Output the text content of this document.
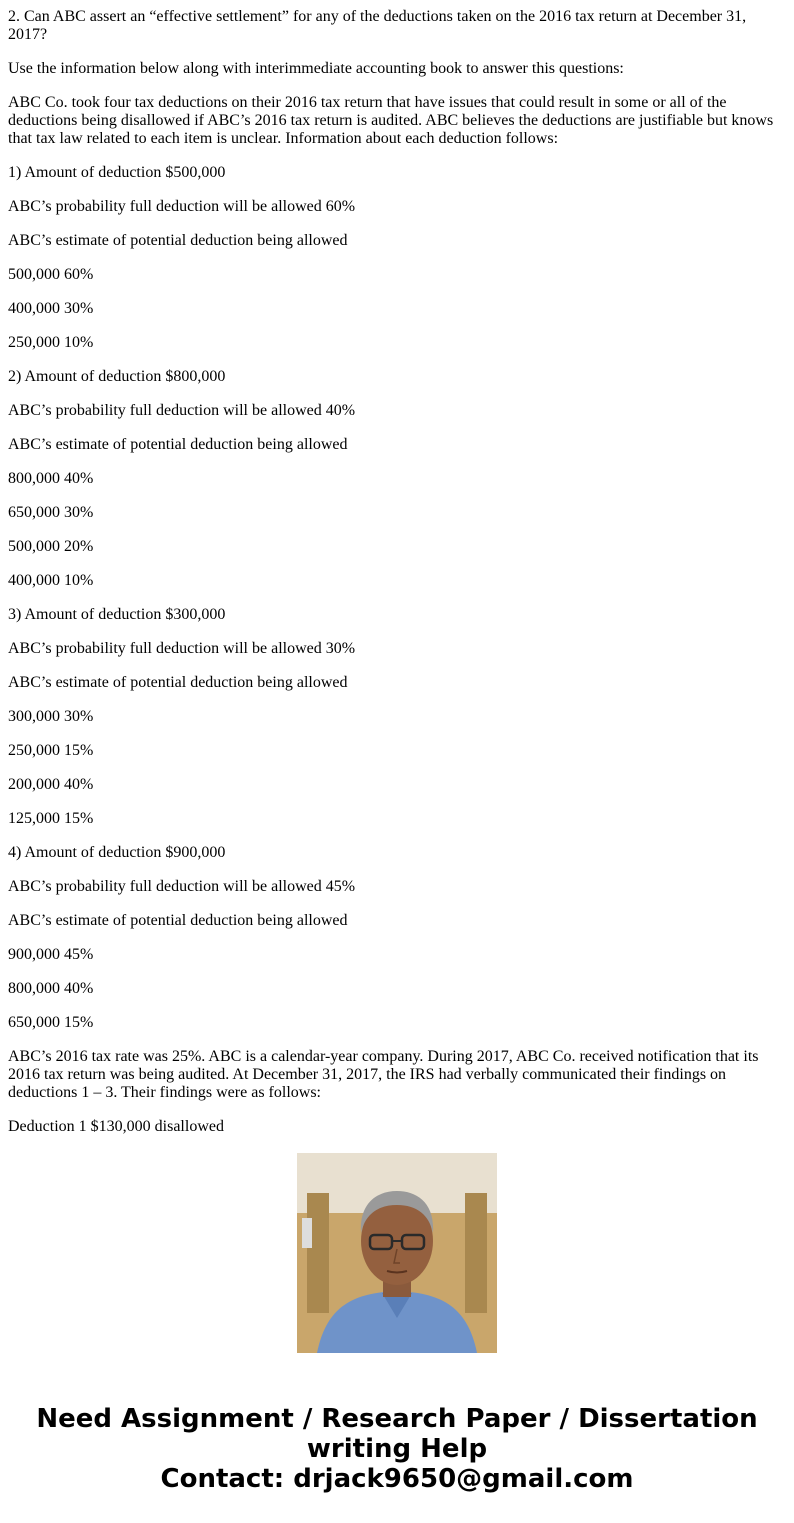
2. Can ABC assert an “effective settlement” for any of the deductions taken on the 2016 tax return at December 31, 2017?

Use the information below along with interimmediate accounting book to answer this questions:

ABC Co. took four tax deductions on their 2016 tax return that have issues that could result in some or all of the deductions being disallowed if ABC’s 2016 tax return is audited. ABC believes the deductions are justifiable but knows that tax law related to each item is unclear. Information about each deduction follows:

1) Amount of deduction $500,000

ABC’s probability full deduction will be allowed 60%

ABC’s estimate of potential deduction being allowed

500,000 60%

400,000 30%

250,000 10%

2) Amount of deduction $800,000

ABC’s probability full deduction will be allowed 40%

ABC’s estimate of potential deduction being allowed

800,000 40%

650,000 30%

500,000 20%

400,000 10%

3) Amount of deduction $300,000

ABC’s probability full deduction will be allowed 30%

ABC’s estimate of potential deduction being allowed

300,000 30%

250,000 15%

200,000 40%

125,000 15%

4) Amount of deduction $900,000

ABC’s probability full deduction will be allowed 45%

ABC’s estimate of potential deduction being allowed

900,000 45%

800,000 40%

650,000 15%

ABC’s 2016 tax rate was 25%. ABC is a calendar-year company. During 2017, ABC Co. received notification that its 2016 tax return was being audited. At December 31, 2017, the IRS had verbally communicated their findings on deductions 1 – 3. Their findings were as follows:

Deduction 1 $130,000 disallowed

Need Assignment / Research Paper / Dissertation
writing Help
Contact: drjack9650@gmail.com
